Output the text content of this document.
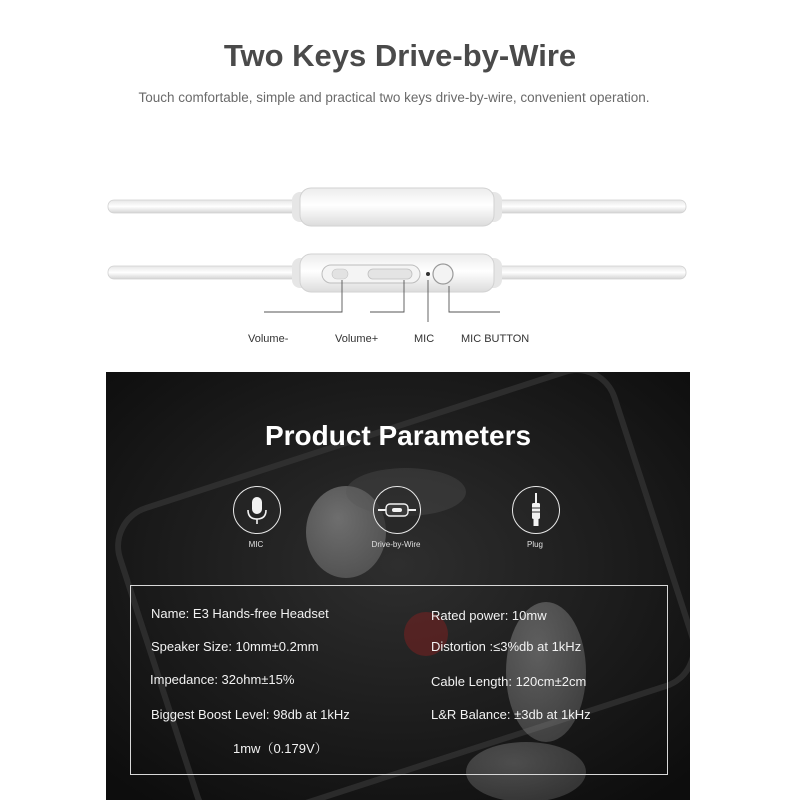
Two Keys Drive-by-Wire
Touch comfortable, simple and practical two keys drive-by-wire, convenient operation.
Volume-	Volume+	MIC MIC BUTTON
Product Parameters
MIC	Drive-by-Wire	Plug
Name: E3 Hands-free Headset
Speaker Size: 10mm±0.2mm
Impedance: 32ohm±15%
Biggest Boost Level: 98db at 1kHz
1mw（0.179V）
Rated power: 10mw
Distortion :≤3%db at 1kHz
Cable Length: 120cm±2cm
L&R Balance: ±3db at 1kHz
